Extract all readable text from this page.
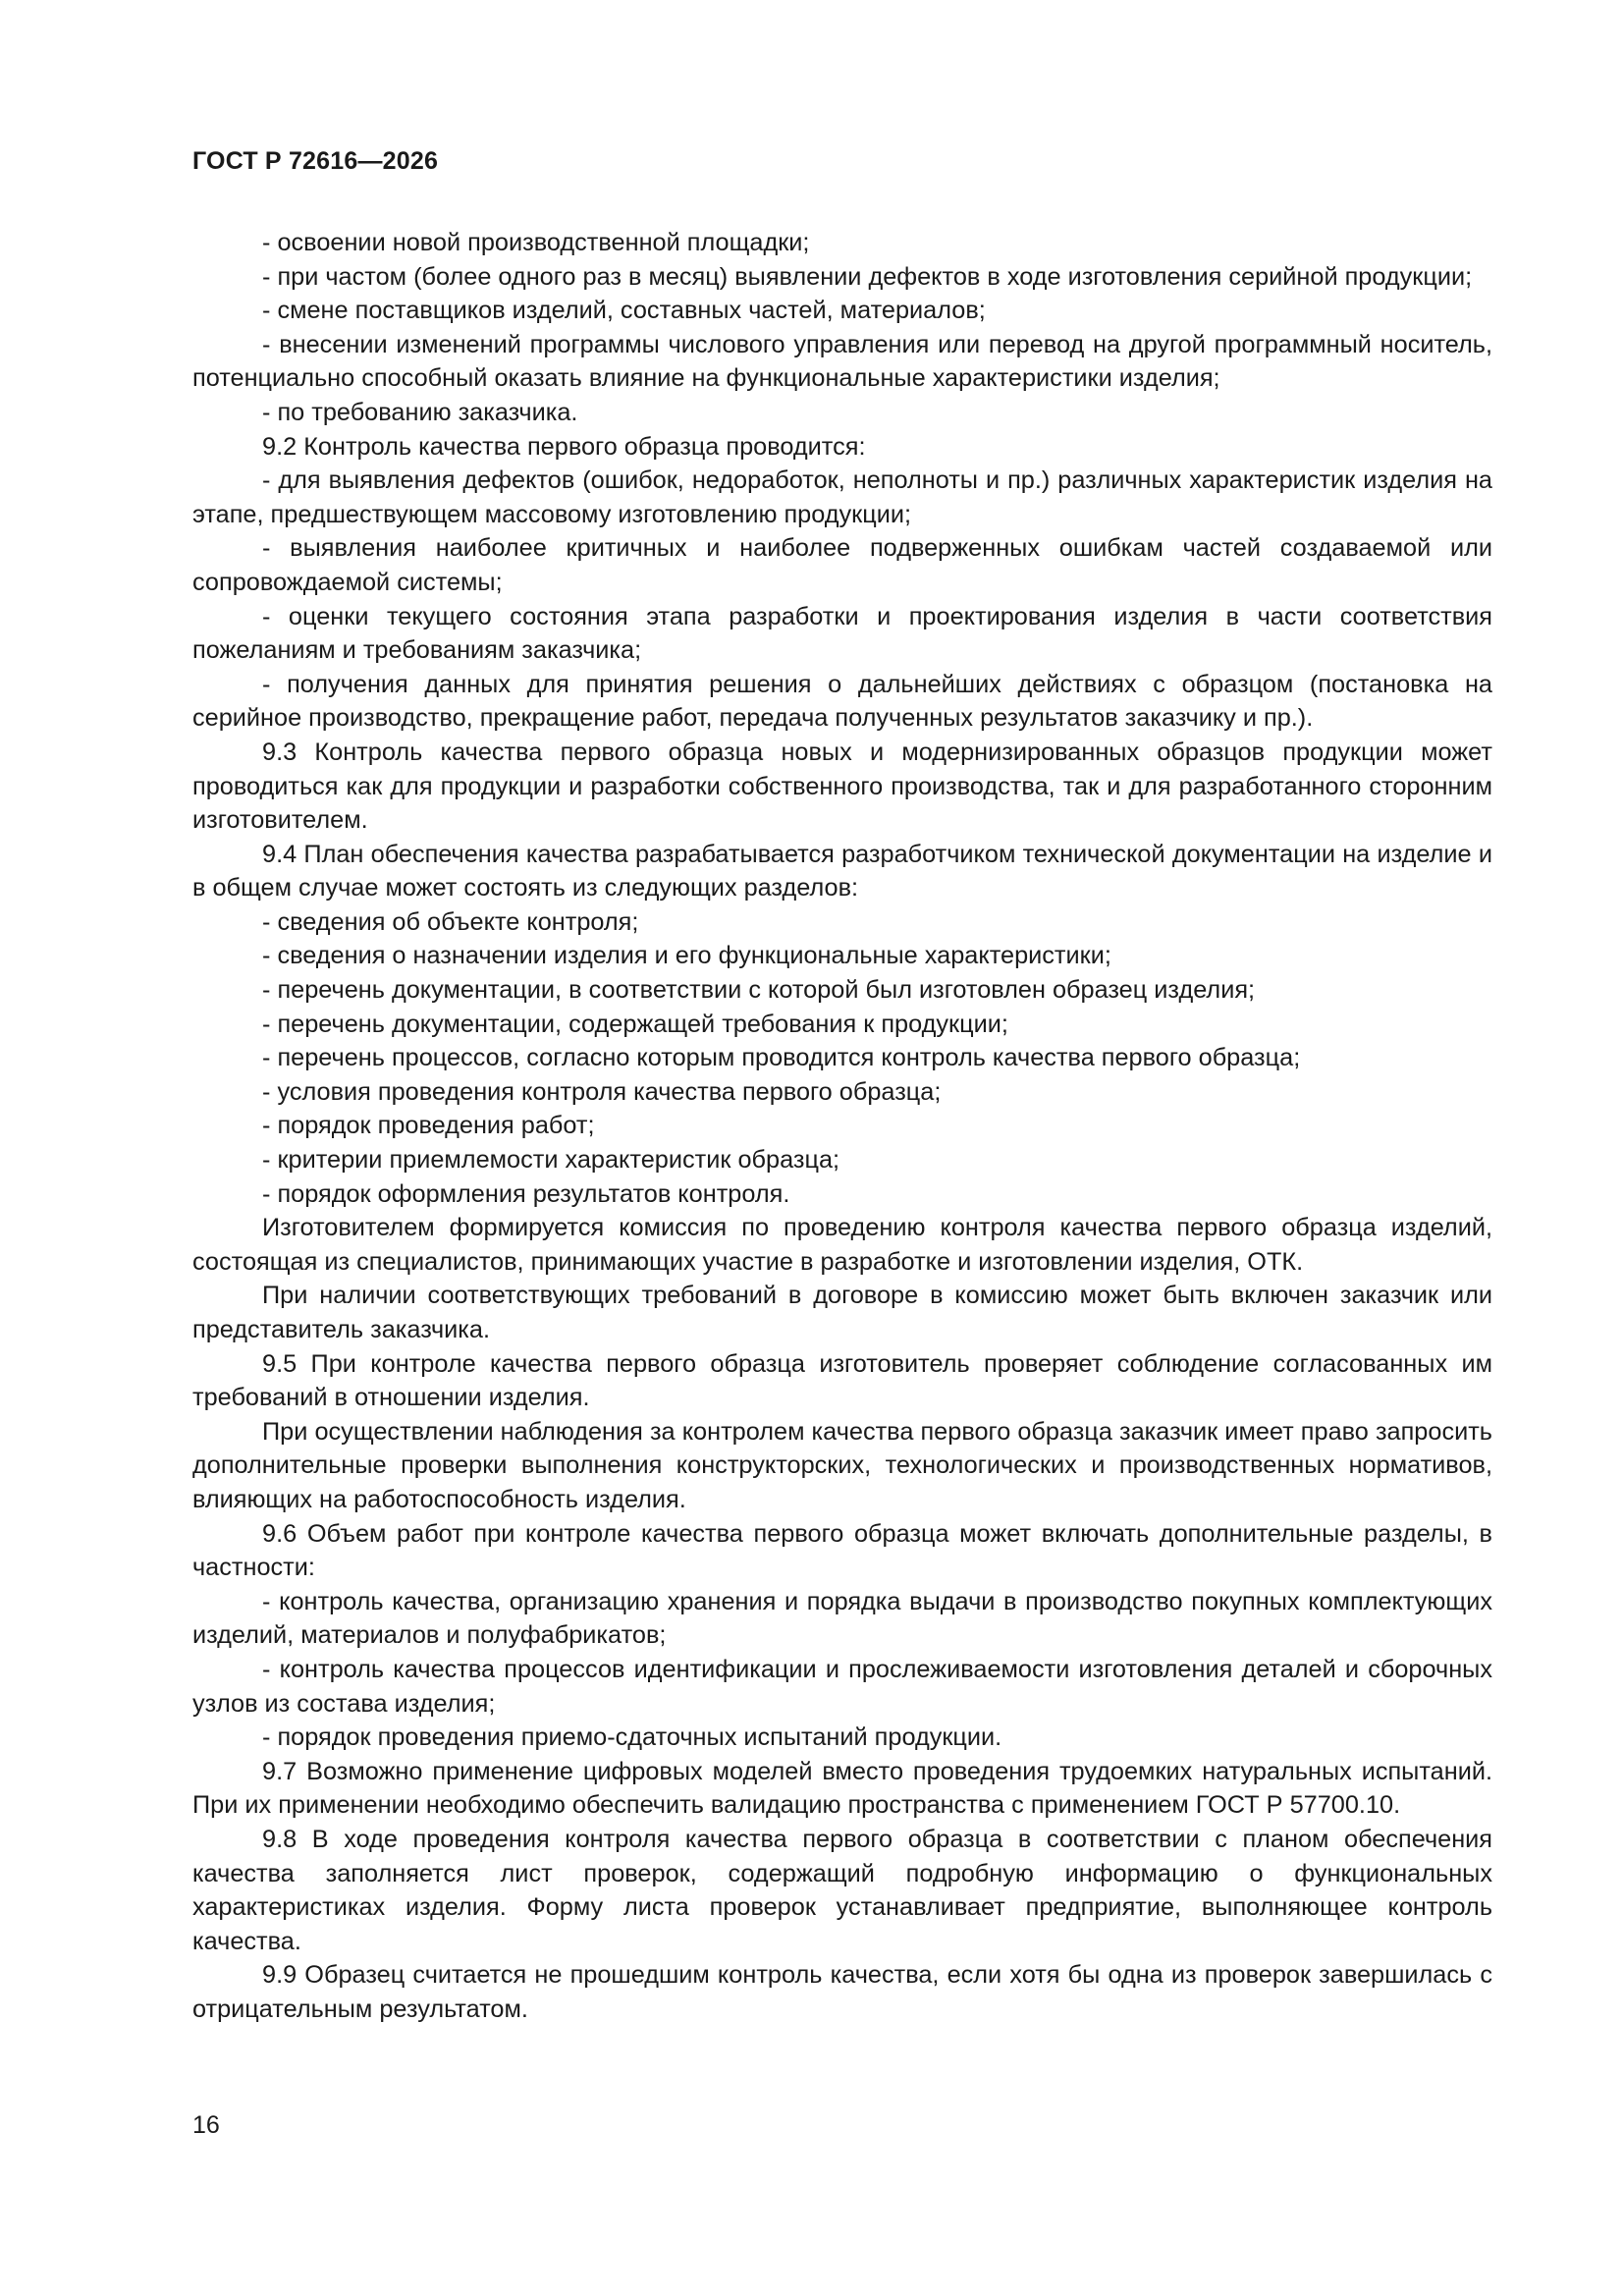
ГОСТ Р 72616—2026

- освоении новой производственной площадки;

- при частом (более одного раз в месяц) выявлении дефектов в ходе изготовления серийной продукции;

- смене поставщиков изделий, составных частей, материалов;

- внесении изменений программы числового управления или перевод на другой программный носитель, потенциально способный оказать влияние на функциональные характеристики изделия;

- по требованию заказчика.

9.2 Контроль качества первого образца проводится:

- для выявления дефектов (ошибок, недоработок, неполноты и пр.) различных характеристик изделия на этапе, предшествующем массовому изготовлению продукции;

- выявления наиболее критичных и наиболее подверженных ошибкам частей создаваемой или сопровождаемой системы;

- оценки текущего состояния этапа разработки и проектирования изделия в части соответствия пожеланиям и требованиям заказчика;

- получения данных для принятия решения о дальнейших действиях с образцом (постановка на серийное производство, прекращение работ, передача полученных результатов заказчику и пр.).

9.3 Контроль качества первого образца новых и модернизированных образцов продукции может проводиться как для продукции и разработки собственного производства, так и для разработанного сторонним изготовителем.

9.4 План обеспечения качества разрабатывается разработчиком технической документации на изделие и в общем случае может состоять из следующих разделов:

- сведения об объекте контроля;

- сведения о назначении изделия и его функциональные характеристики;

- перечень документации, в соответствии с которой был изготовлен образец изделия;

- перечень документации, содержащей требования к продукции;

- перечень процессов, согласно которым проводится контроль качества первого образца;

- условия проведения контроля качества первого образца;

- порядок проведения работ;

- критерии приемлемости характеристик образца;

- порядок оформления результатов контроля.

Изготовителем формируется комиссия по проведению контроля качества первого образца изделий, состоящая из специалистов, принимающих участие в разработке и изготовлении изделия, ОТК.

При наличии соответствующих требований в договоре в комиссию может быть включен заказчик или представитель заказчика.

9.5 При контроле качества первого образца изготовитель проверяет соблюдение согласованных им требований в отношении изделия.

При осуществлении наблюдения за контролем качества первого образца заказчик имеет право запросить дополнительные проверки выполнения конструкторских, технологических и производственных нормативов, влияющих на работоспособность изделия.

9.6 Объем работ при контроле качества первого образца может включать дополнительные разделы, в частности:

- контроль качества, организацию хранения и порядка выдачи в производство покупных комплектующих изделий, материалов и полуфабрикатов;

- контроль качества процессов идентификации и прослеживаемости изготовления деталей и сборочных узлов из состава изделия;

- порядок проведения приемо-сдаточных испытаний продукции.

9.7 Возможно применение цифровых моделей вместо проведения трудоемких натуральных испытаний. При их применении необходимо обеспечить валидацию пространства с применением ГОСТ Р 57700.10.

9.8 В ходе проведения контроля качества первого образца в соответствии с планом обеспечения качества заполняется лист проверок, содержащий подробную информацию о функциональных характеристиках изделия. Форму листа проверок устанавливает предприятие, выполняющее контроль качества.

9.9 Образец считается не прошедшим контроль качества, если хотя бы одна из проверок завершилась с отрицательным результатом.

16
